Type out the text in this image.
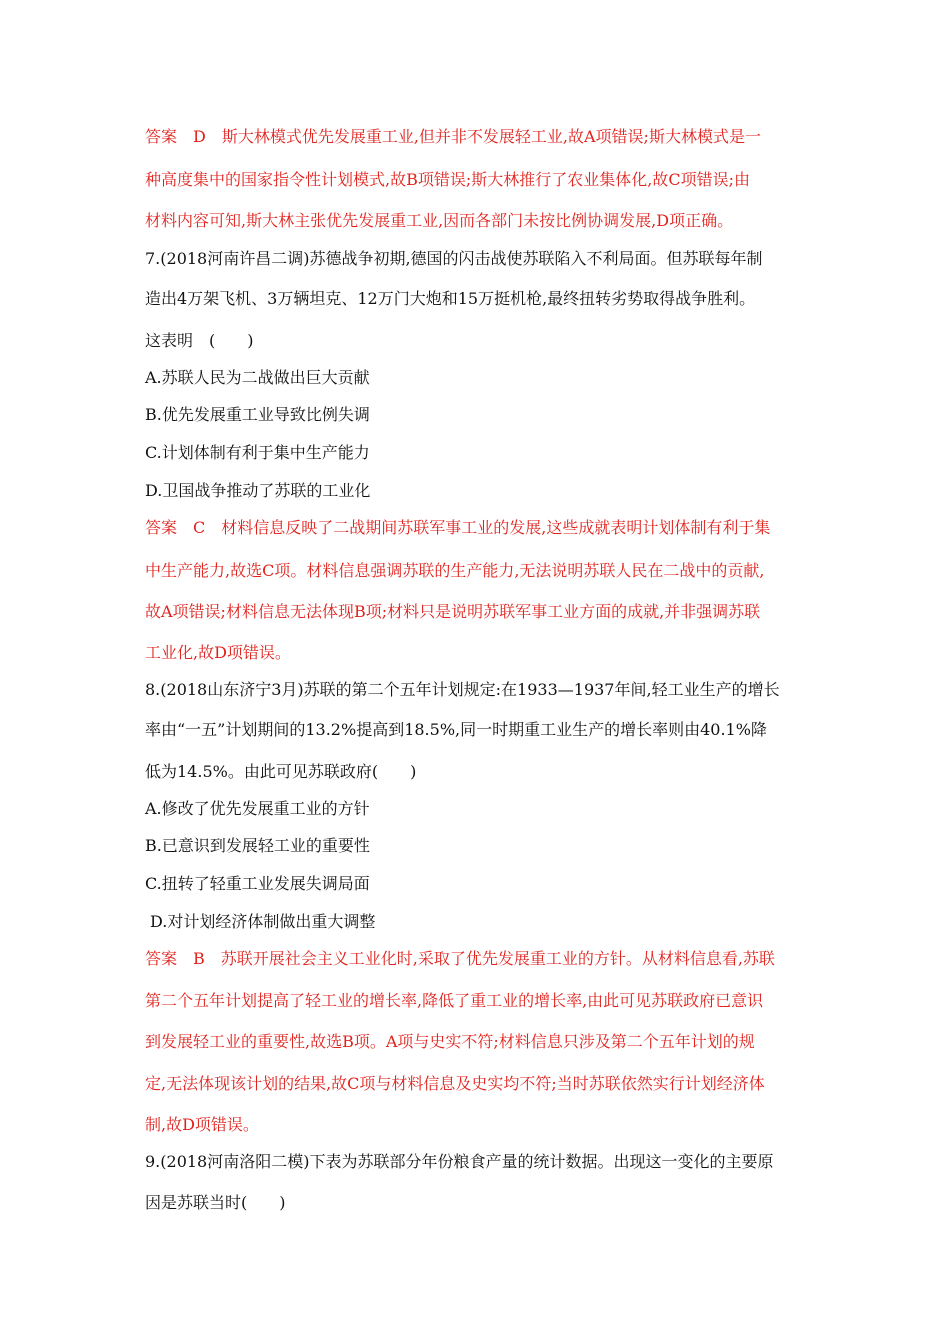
答案　D　斯大林模式优先发展重工业,但并非不发展轻工业,故A项错误;斯大林模式是一
种高度集中的国家指令性计划模式,故B项错误;斯大林推行了农业集体化,故C项错误;由
材料内容可知,斯大林主张优先发展重工业,因而各部门未按比例协调发展,D项正确。
7.(2018河南许昌二调)苏德战争初期,德国的闪击战使苏联陷入不利局面。但苏联每年制
造出4万架飞机、3万辆坦克、12万门大炮和15万挺机枪,最终扭转劣势取得战争胜利。
这表明　(　　)
A.苏联人民为二战做出巨大贡献
B.优先发展重工业导致比例失调
C.计划体制有利于集中生产能力
D.卫国战争推动了苏联的工业化
答案　C　材料信息反映了二战期间苏联军事工业的发展,这些成就表明计划体制有利于集
中生产能力,故选C项。材料信息强调苏联的生产能力,无法说明苏联人民在二战中的贡献,
故A项错误;材料信息无法体现B项;材料只是说明苏联军事工业方面的成就,并非强调苏联
工业化,故D项错误。
8.(2018山东济宁3月)苏联的第二个五年计划规定:在1933—1937年间,轻工业生产的增长
率由“一五”计划期间的13.2%提高到18.5%,同一时期重工业生产的增长率则由40.1%降
低为14.5%。由此可见苏联政府(　　)
A.修改了优先发展重工业的方针
B.已意识到发展轻工业的重要性
C.扭转了轻重工业发展失调局面
D.对计划经济体制做出重大调整
答案　B　苏联开展社会主义工业化时,采取了优先发展重工业的方针。从材料信息看,苏联
第二个五年计划提高了轻工业的增长率,降低了重工业的增长率,由此可见苏联政府已意识
到发展轻工业的重要性,故选B项。A项与史实不符;材料信息只涉及第二个五年计划的规
定,无法体现该计划的结果,故C项与材料信息及史实均不符;当时苏联依然实行计划经济体
制,故D项错误。
9.(2018河南洛阳二模)下表为苏联部分年份粮食产量的统计数据。出现这一变化的主要原
因是苏联当时(　　)
